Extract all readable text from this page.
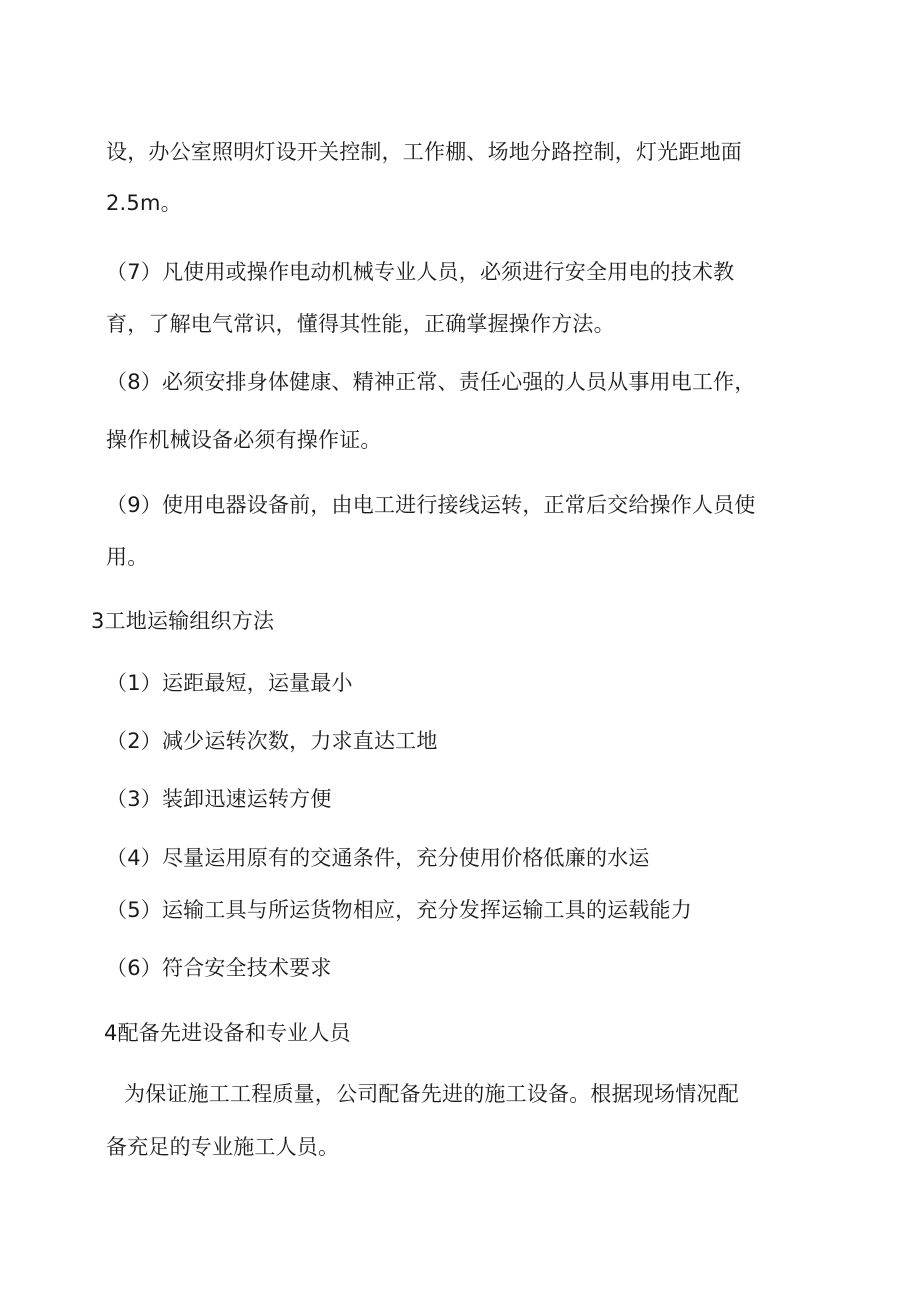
设，办公室照明灯设开关控制，工作棚、场地分路控制，灯光距地面
2.5m。
（7）凡使用或操作电动机械专业人员，必须进行安全用电的技术教
育，了解电气常识，懂得其性能，正确掌握操作方法。
（8）必须安排身体健康、精神正常、责任心强的人员从事用电工作，
操作机械设备必须有操作证。
（9）使用电器设备前，由电工进行接线运转，正常后交给操作人员使
用。
3工地运输组织方法
（1）运距最短，运量最小
（2）减少运转次数，力求直达工地
（3）装卸迅速运转方便
（4）尽量运用原有的交通条件，充分使用价格低廉的水运
（5）运输工具与所运货物相应，充分发挥运输工具的运载能力
（6）符合安全技术要求
4配备先进设备和专业人员
为保证施工工程质量，公司配备先进的施工设备。根据现场情况配
备充足的专业施工人员。
